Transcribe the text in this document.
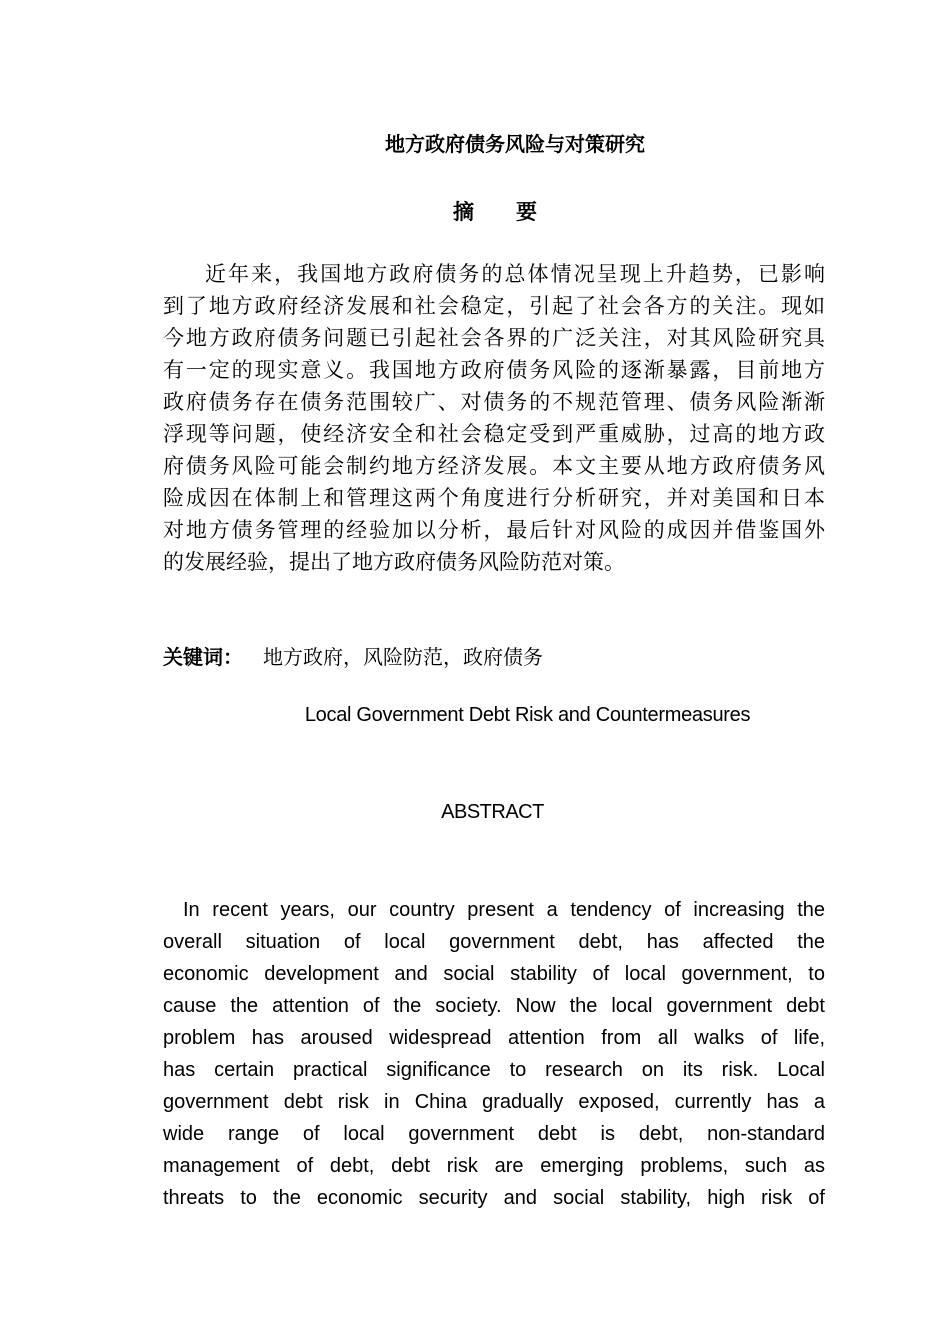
地方政府债务风险与对策研究
摘 要
近年来，我国地方政府债务的总体情况呈现上升趋势，已影响
到了地方政府经济发展和社会稳定，引起了社会各方的关注。现如
今地方政府债务问题已引起社会各界的广泛关注，对其风险研究具
有一定的现实意义。我国地方政府债务风险的逐渐暴露，目前地方
政府债务存在债务范围较广、对债务的不规范管理、债务风险渐渐
浮现等问题，使经济安全和社会稳定受到严重威胁，过高的地方政
府债务风险可能会制约地方经济发展。本文主要从地方政府债务风
险成因在体制上和管理这两个角度进行分析研究，并对美国和日本
对地方债务管理的经验加以分析，最后针对风险的成因并借鉴国外
的发展经验，提出了地方政府债务风险防范对策。
关键词： 地方政府，风险防范，政府债务
Local Government Debt Risk and Countermeasures
ABSTRACT
In recent years, our country present a tendency of increasing the
overall situation of local government debt, has affected the
economic development and social stability of local government, to
cause the attention of the society. Now the local government debt
problem has aroused widespread attention from all walks of life,
has certain practical significance to research on its risk. Local
government debt risk in China gradually exposed, currently has a
wide range of local government debt is debt, non-standard
management of debt, debt risk are emerging problems, such as
threats to the economic security and social stability, high risk of
